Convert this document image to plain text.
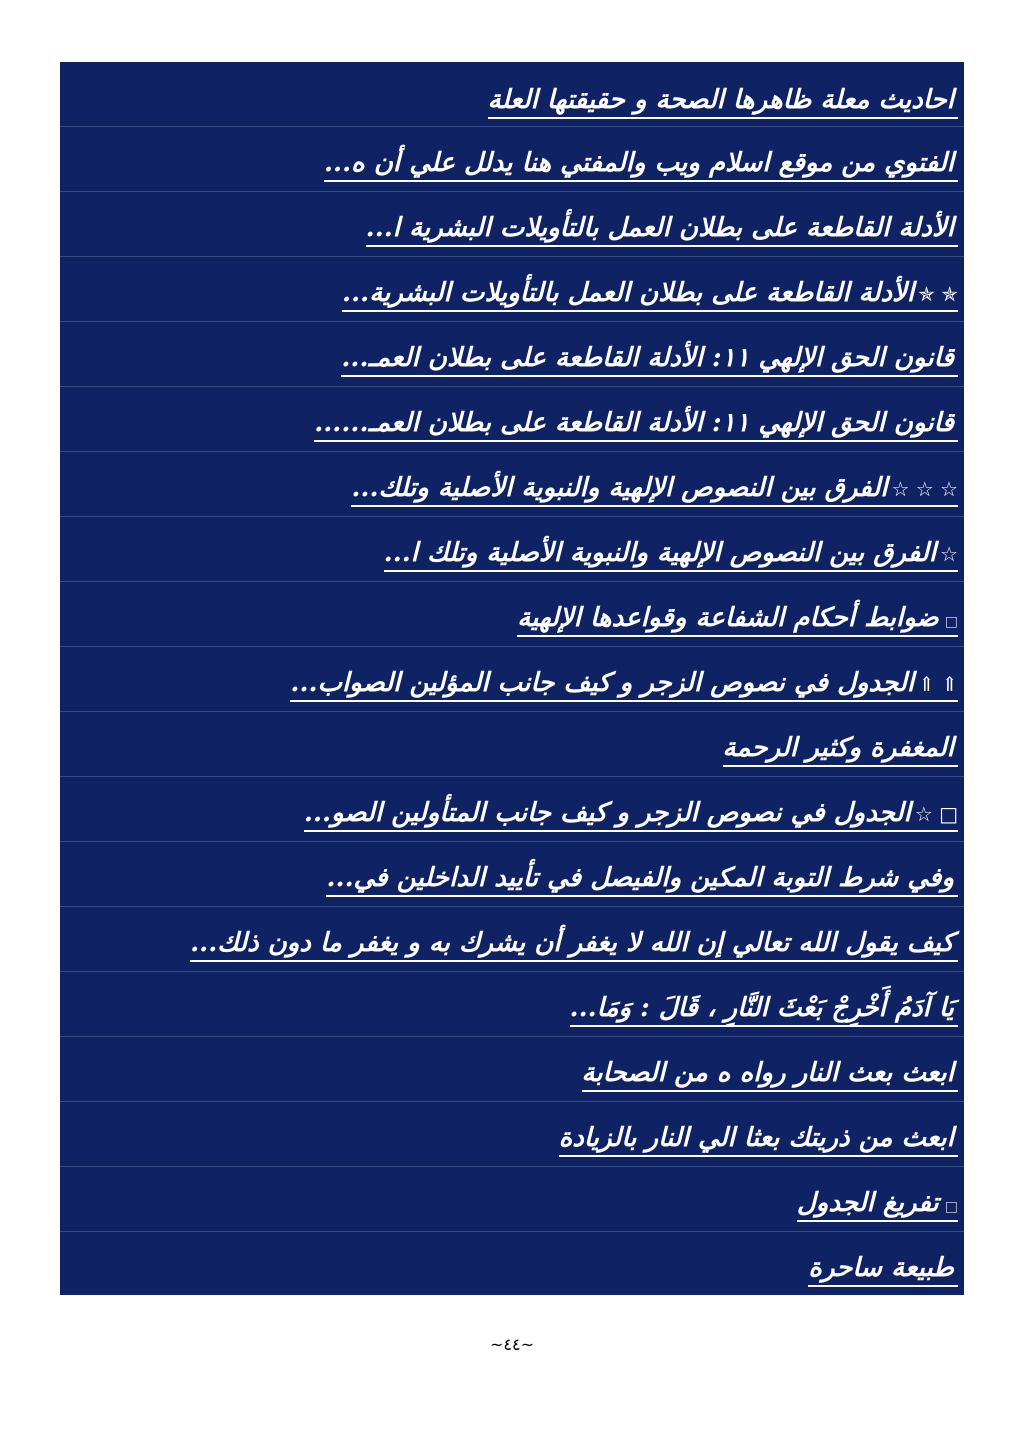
احاديث معلة ظاهرها الصحة و حقيقتها العلة
الفتوي من موقع اسلام ويب والمفتي هنا يدلل علي أن ه...
الأدلة القاطعة على بطلان العمل بالتأويلات البشرية ا...
✯ ✯الأدلة القاطعة على بطلان العمل بالتأويلات البشرية...
قانون الحق الإلهي ١١: الأدلة القاطعة على بطلان العمـ...
قانون الحق الإلهي ١١: الأدلة القاطعة على بطلان العمـ......
☆ ☆ ☆الفرق بين النصوص الإلهية والنبوية الأصلية وتلك...
☆الفرق بين النصوص الإلهية والنبوية الأصلية وتلك ا...
□ضوابط أحكام الشفاعة وقواعدها الإلهية
⇑ ⇑الجدول في نصوص الزجر و كيف جانب المؤلين الصواب...
المغفرة وكثير الرحمة
□ ☆الجدول في نصوص الزجر و كيف جانب المتأولين الصو...
وفي شرط التوبة المكين والفيصل في تأييد الداخلين في...
كيف يقول الله تعالي إن الله لا يغفر أن يشرك به و يغفر ما دون ذلك...
يَا آدَمُ أَخْرِجْ بَعْثَ النَّارِ ، قَالَ : وَمَا...
ابعث بعث النار رواه ه من الصحابة
ابعث من ذريتك بعثا الي النار بالزيادة
□تفريغ الجدول
طبيعة ساحرة
~٤٤~
